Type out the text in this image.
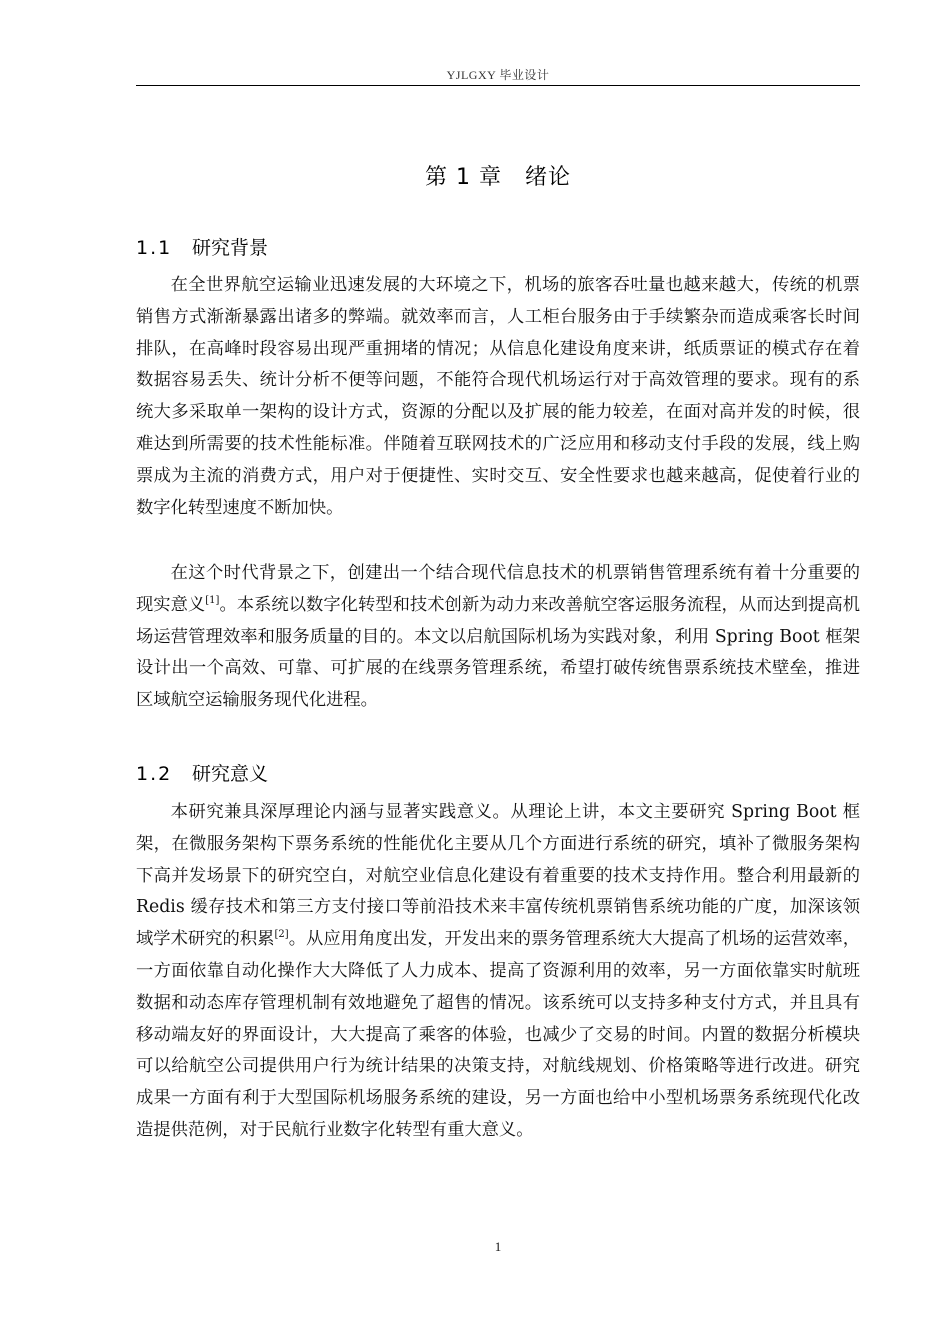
YJLGXY 毕业设计
第 1 章　绪论
1.1 研究背景

在全世界航空运输业迅速发展的大环境之下，机场的旅客吞吐量也越来越大，传统的机票销售方式渐渐暴露出诸多的弊端。就效率而言，人工柜台服务由于手续繁杂而造成乘客长时间排队，在高峰时段容易出现严重拥堵的情况；从信息化建设角度来讲，纸质票证的模式存在着数据容易丢失、统计分析不便等问题，不能符合现代机场运行对于高效管理的要求。现有的系统大多采取单一架构的设计方式，资源的分配以及扩展的能力较差，在面对高并发的时候，很难达到所需要的技术性能标准。伴随着互联网技术的广泛应用和移动支付手段的发展，线上购票成为主流的消费方式，用户对于便捷性、实时交互、安全性要求也越来越高，促使着行业的数字化转型速度不断加快。

在这个时代背景之下，创建出一个结合现代信息技术的机票销售管理系统有着十分重要的现实意义[1]。本系统以数字化转型和技术创新为动力来改善航空客运服务流程，从而达到提高机场运营管理效率和服务质量的目的。本文以启航国际机场为实践对象，利用 Spring Boot 框架设计出一个高效、可靠、可扩展的在线票务管理系统，希望打破传统售票系统技术壁垒，推进区域航空运输服务现代化进程。

1.2 研究意义

本研究兼具深厚理论内涵与显著实践意义。从理论上讲，本文主要研究 Spring Boot 框架，在微服务架构下票务系统的性能优化主要从几个方面进行系统的研究，填补了微服务架构下高并发场景下的研究空白，对航空业信息化建设有着重要的技术支持作用。整合利用最新的 Redis 缓存技术和第三方支付接口等前沿技术来丰富传统机票销售系统功能的广度，加深该领域学术研究的积累[2]。从应用角度出发，开发出来的票务管理系统大大提高了机场的运营效率，一方面依靠自动化操作大大降低了人力成本、提高了资源利用的效率，另一方面依靠实时航班数据和动态库存管理机制有效地避免了超售的情况。该系统可以支持多种支付方式，并且具有移动端友好的界面设计，大大提高了乘客的体验，也减少了交易的时间。内置的数据分析模块可以给航空公司提供用户行为统计结果的决策支持，对航线规划、价格策略等进行改进。研究成果一方面有利于大型国际机场服务系统的建设，另一方面也给中小型机场票务系统现代化改造提供范例，对于民航行业数字化转型有重大意义。

1
